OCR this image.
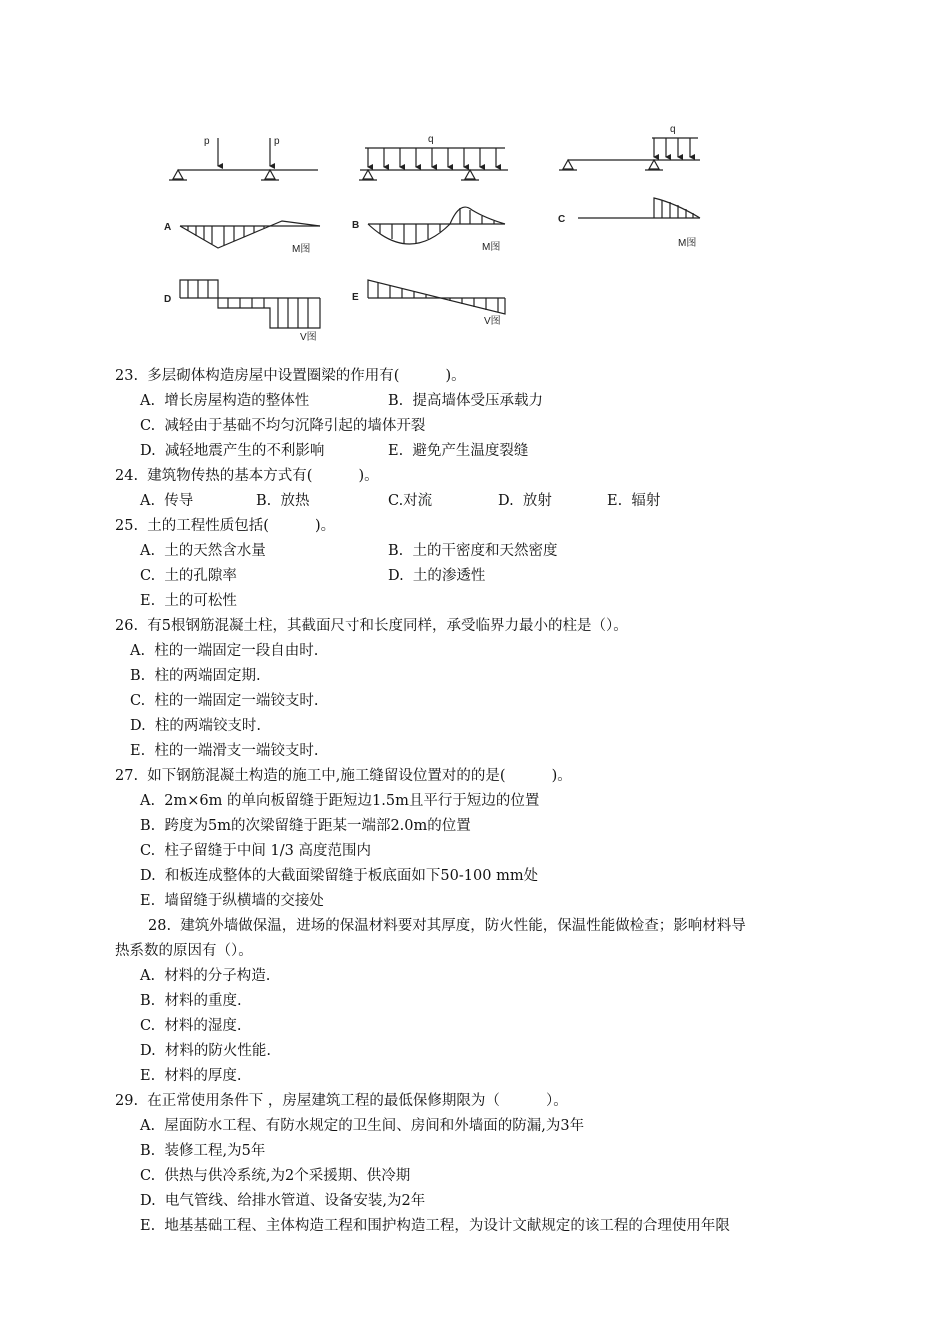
p	p	q
q
A	B
C
D	E
M图	M图	M图
V图
V图
23.  多层砌体构造房屋中设置圈梁的作用有(          )。
A.  增长房屋构造的整体性	B.  提高墙体受压承载力
C.  减轻由于基础不均匀沉降引起的墙体开裂
D.  减轻地震产生的不利影响	E.  避免产生温度裂缝
24.  建筑物传热的基本方式有(          )。
A.  传导	B.  放热	C.对流	D.  放射	E.  辐射
25.  土的工程性质包括(          )。
A.  土的天然含水量	B.  土的干密度和天然密度
C.  土的孔隙率	D.  土的渗透性
E.  土的可松性
26.  有5根钢筋混凝土柱，其截面尺寸和长度同样，承受临界力最小的柱是（）。
A.  柱的一端固定一段自由时.
B.  柱的两端固定期.
C.  柱的一端固定一端铰支时.
D.  柱的两端铰支时.
E.  柱的一端滑支一端铰支时.
27.  如下钢筋混凝土构造的施工中,施工缝留设位置对的的是(          )。
A.  2m×6m 的单向板留缝于距短边1.5m且平行于短边的位置
B.  跨度为5m的次梁留缝于距某一端部2.0m的位置
C.  柱子留缝于中间 1/3 高度范围内
D.  和板连成整体的大截面梁留缝于板底面如下50-100 mm处
E.  墙留缝于纵横墙的交接处
28.  建筑外墙做保温，进场的保温材料要对其厚度，防火性能，保温性能做检查；影响材料导
热系数的原因有（）。
A.  材料的分子构造.
B.  材料的重度.
C.  材料的湿度.
D.  材料的防火性能.
E.  材料的厚度.
29.  在正常使用条件下 ，房屋建筑工程的最低保修期限为（          ）。
A.  屋面防水工程、有防水规定的卫生间、房间和外墙面的防漏,为3年
B.  装修工程,为5年
C.  供热与供冷系统,为2个采援期、供冷期
D.  电气管线、给排水管道、设备安装,为2年
E.  地基基础工程、主体构造工程和围护构造工程，为设计文献规定的该工程的合理使用年限
